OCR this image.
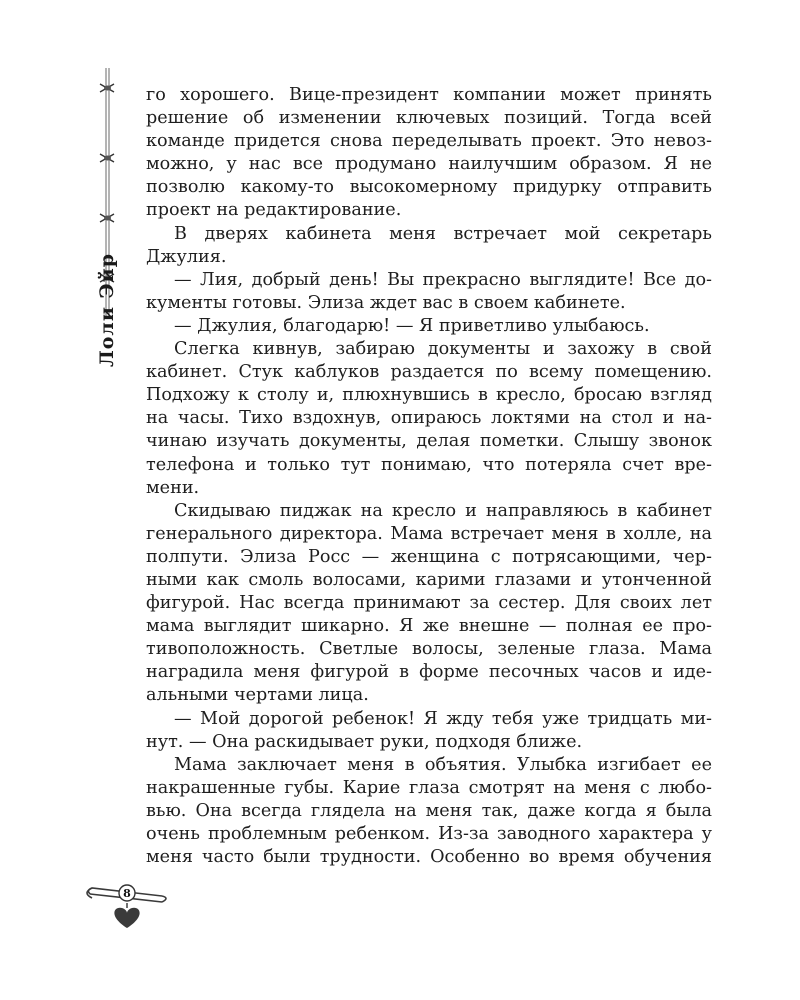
Лоли Эйр
го хорошего. Вице-президент компании может принять
решение об изменении ключевых позиций. Тогда всей
команде придется снова переделывать проект. Это невоз-
можно, у нас все продумано наилучшим образом. Я не
позволю какому-то высокомерному придурку отправить
проект на редактирование.
В дверях кабинета меня встречает мой секретарь
Джулия.
— Лия, добрый день! Вы прекрасно выглядите! Все до-
кументы готовы. Элиза ждет вас в своем кабинете.
— Джулия, благодарю! — Я приветливо улыбаюсь.
Слегка кивнув, забираю документы и захожу в свой
кабинет. Стук каблуков раздается по всему помещению.
Подхожу к столу и, плюхнувшись в кресло, бросаю взгляд
на часы. Тихо вздохнув, опираюсь локтями на стол и на-
чинаю изучать документы, делая пометки. Слышу звонок
телефона и только тут понимаю, что потеряла счет вре-
мени.
Скидываю пиджак на кресло и направляюсь в кабинет
генерального директора. Мама встречает меня в холле, на
полпути. Элиза Росс — женщина с потрясающими, чер-
ными как смоль волосами, карими глазами и утонченной
фигурой. Нас всегда принимают за сестер. Для своих лет
мама выглядит шикарно. Я же внешне — полная ее про-
тивоположность. Светлые волосы, зеленые глаза. Мама
наградила меня фигурой в форме песочных часов и иде-
альными чертами лица.
— Мой дорогой ребенок! Я жду тебя уже тридцать ми-
нут. — Она раскидывает руки, подходя ближе.
Мама заключает меня в объятия. Улыбка изгибает ее
накрашенные губы. Карие глаза смотрят на меня с любо-
вью. Она всегда глядела на меня так, даже когда я была
очень проблемным ребенком. Из-за заводного характера у
меня часто были трудности. Особенно во время обучения
8
